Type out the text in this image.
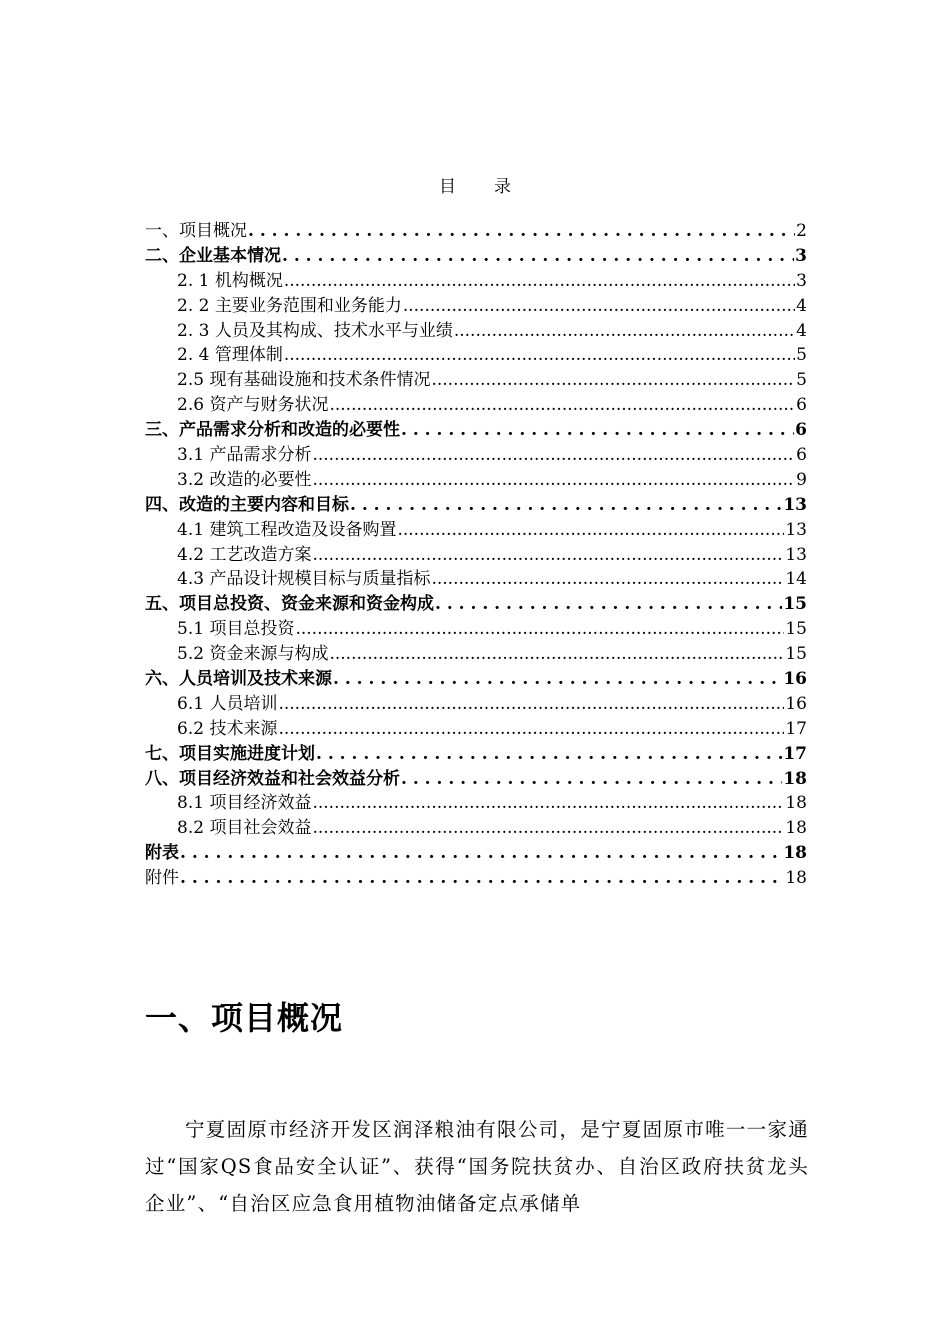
目录
一、项目概况 . . .	2
二、企业基本情况 . . .	3
2. 1 机构概况 .....	3
2. 2 主要业务范围和业务能力 .....	4
2. 3 人员及其构成、技术水平与业绩 .....	4
2. 4 管理体制 .....	5
2.5 现有基础设施和技术条件情况 .....	5
2.6 资产与财务状况 .....	6
三、产品需求分析和改造的必要性 . . .	6
3.1 产品需求分析 .....	6
3.2 改造的必要性 .....	9
四、改造的主要内容和目标 . . .	13
4.1 建筑工程改造及设备购置 .....	13
4.2 工艺改造方案 .....	13
4.3 产品设计规模目标与质量指标 .....	14
五、项目总投资、资金来源和资金构成 . . .	15
5.1 项目总投资 .....	15
5.2 资金来源与构成 .....	15
六、人员培训及技术来源 . . .	16
6.1 人员培训 .....	16
6.2 技术来源 .....	17
七、项目实施进度计划 . . .	17
八、项目经济效益和社会效益分析 . . .	18
8.1 项目经济效益 .....	18
8.2 项目社会效益 .....	18
附表 . . .	18
附件 . . .	18
一、项目概况
宁夏固原市经济开发区润泽粮油有限公司，是宁夏固原市唯一一家通过“国家QS食品安全认证”、获得“国务院扶贫办、自治区政府扶贫龙头企业”、“自治区应急食用植物油储备定点承储单
